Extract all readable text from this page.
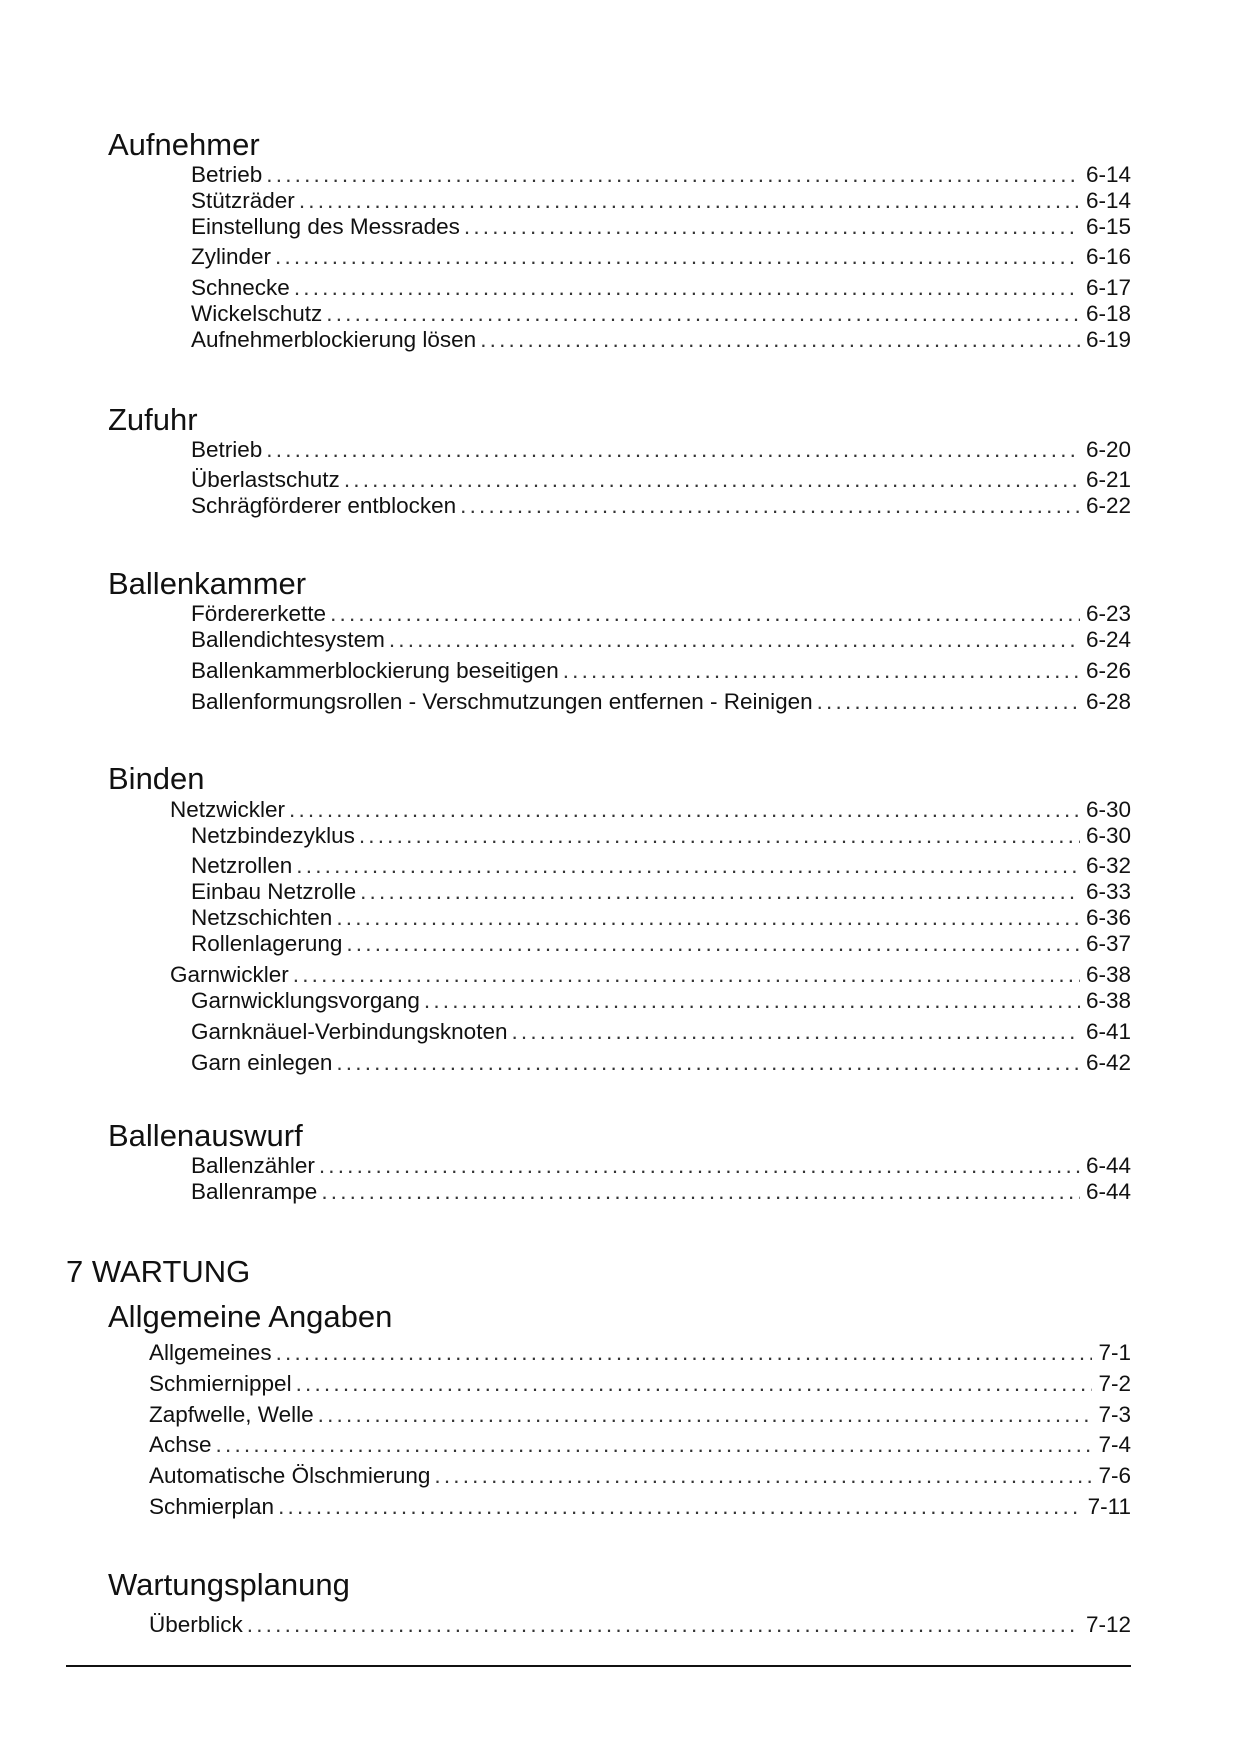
Aufnehmer
Betrieb .....	6-14
Stützräder .....	6-14
Einstellung des Messrades .....	6-15
Zylinder .....	6-16
Schnecke .....	6-17
Wickelschutz .....	6-18
Aufnehmerblockierung lösen .....	6-19
Zufuhr
Betrieb .....	6-20
Überlastschutz .....	6-21
Schrägförderer entblocken .....	6-22
Ballenkammer
Fördererkette .....	6-23
Ballendichtesystem .....	6-24
Ballenkammerblockierung beseitigen .....	6-26
Ballenformungsrollen - Verschmutzungen entfernen - Reinigen .....	6-28
Binden
Netzwickler .....	6-30
Netzbindezyklus .....	6-30
Netzrollen .....	6-32
Einbau Netzrolle .....	6-33
Netzschichten .....	6-36
Rollenlagerung .....	6-37
Garnwickler .....	6-38
Garnwicklungsvorgang .....	6-38
Garnknäuel-Verbindungsknoten .....	6-41
Garn einlegen .....	6-42
Ballenauswurf
Ballenzähler .....	6-44
Ballenrampe .....	6-44
7 WARTUNG
Allgemeine Angaben
Allgemeines .....	7-1
Schmiernippel .....	7-2
Zapfwelle, Welle .....	7-3
Achse .....	7-4
Automatische Ölschmierung .....	7-6
Schmierplan .....	7-11
Wartungsplanung
Überblick .....	7-12
